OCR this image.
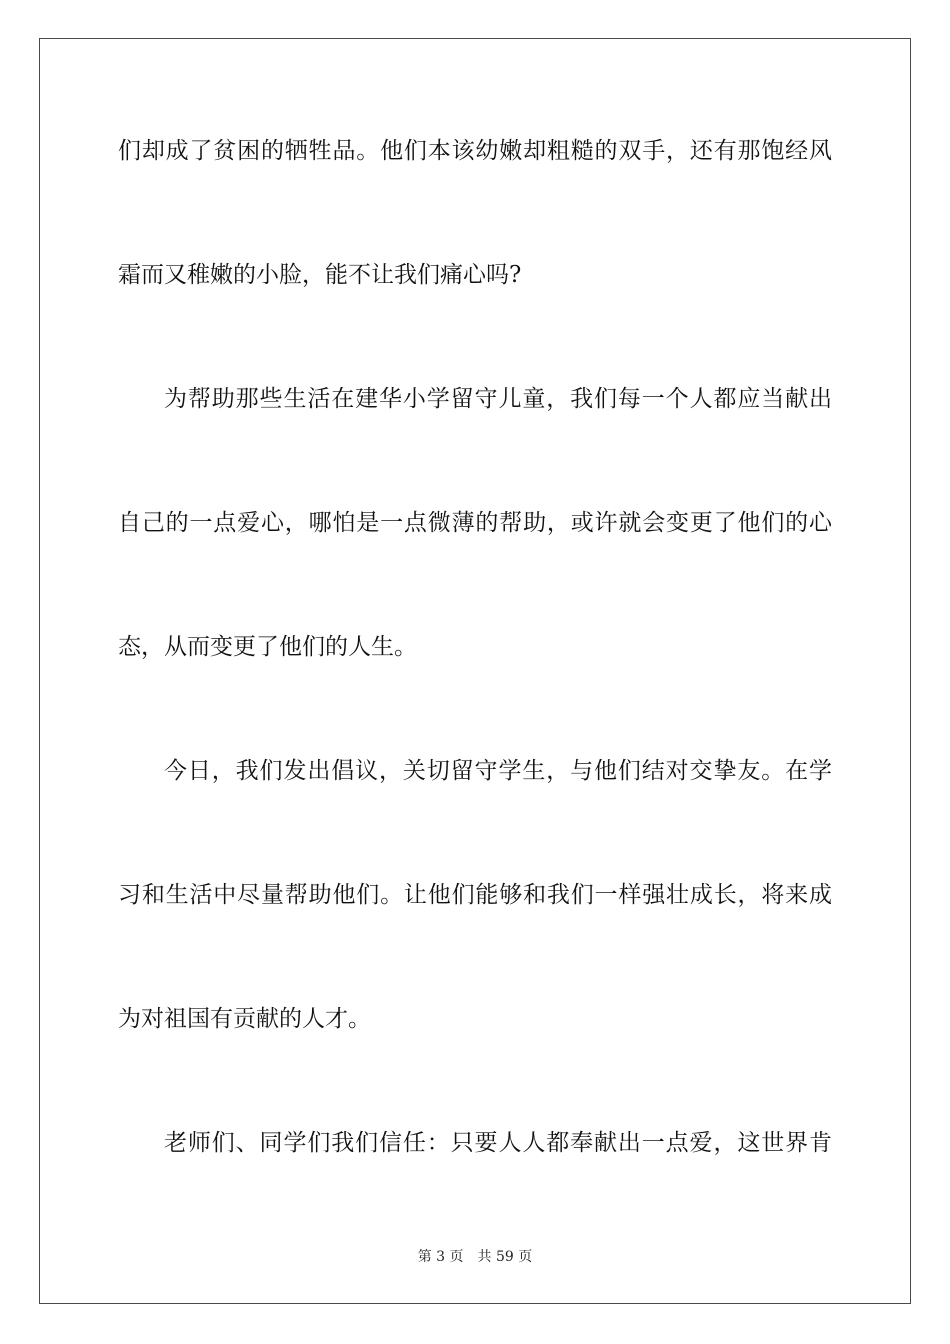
们却成了贫困的牺牲品。他们本该幼嫩却粗糙的双手，还有那饱经风
霜而又稚嫩的小脸，能不让我们痛心吗?
为帮助那些生活在建华小学留守儿童，我们每一个人都应当献出
自己的一点爱心，哪怕是一点微薄的帮助，或许就会变更了他们的心
态，从而变更了他们的人生。
今日，我们发出倡议，关切留守学生，与他们结对交挚友。在学
习和生活中尽量帮助他们。让他们能够和我们一样强壮成长，将来成
为对祖国有贡献的人才。
老师们、同学们我们信任：只要人人都奉献出一点爱，这世界肯
第 3 页 共 59 页
